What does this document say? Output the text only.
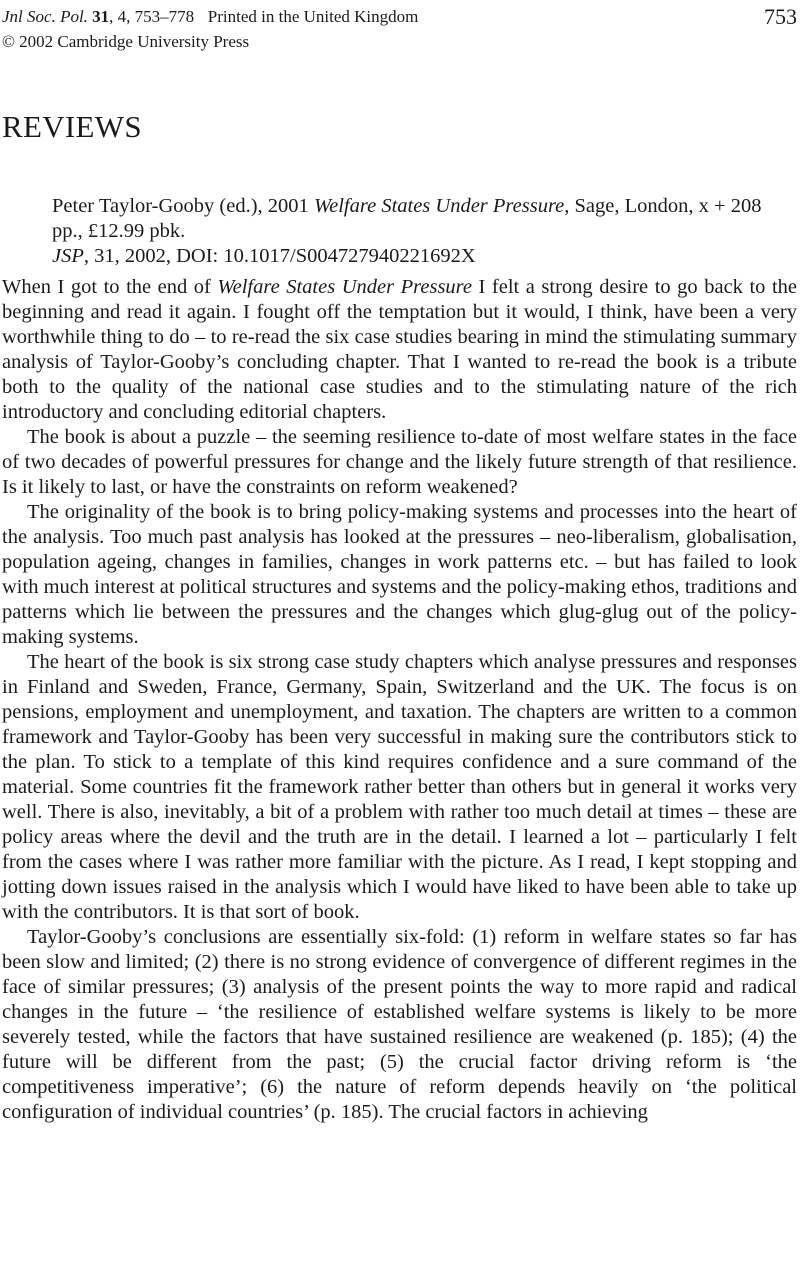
Jnl Soc. Pol. 31, 4, 753–778 Printed in the United Kingdom
© 2002 Cambridge University Press
753
REVIEWS

Peter Taylor-Gooby (ed.), 2001 Welfare States Under Pressure, Sage, London, x + 208 pp., £12.99 pbk.

JSP, 31, 2002, DOI: 10.1017/S004727940221692X

When I got to the end of Welfare States Under Pressure I felt a strong desire to go back to the beginning and read it again. I fought off the temptation but it would, I think, have been a very worthwhile thing to do – to re-read the six case studies bearing in mind the stimulating summary analysis of Taylor-Gooby’s concluding chapter. That I wanted to re-read the book is a tribute both to the quality of the national case studies and to the stimulating nature of the rich introductory and concluding editorial chapters.

The book is about a puzzle – the seeming resilience to-date of most welfare states in the face of two decades of powerful pressures for change and the likely future strength of that resilience. Is it likely to last, or have the constraints on reform weakened?

The originality of the book is to bring policy-making systems and processes into the heart of the analysis. Too much past analysis has looked at the pressures – neo-liberalism, globalisation, population ageing, changes in families, changes in work patterns etc. – but has failed to look with much interest at political structures and systems and the policy-making ethos, traditions and patterns which lie between the pressures and the changes which glug-glug out of the policy-making systems.

The heart of the book is six strong case study chapters which analyse pressures and responses in Finland and Sweden, France, Germany, Spain, Switzerland and the UK. The focus is on pensions, employment and unemployment, and taxation. The chapters are written to a common framework and Taylor-Gooby has been very successful in making sure the contributors stick to the plan. To stick to a template of this kind requires confidence and a sure command of the material. Some countries fit the framework rather better than others but in general it works very well. There is also, inevitably, a bit of a problem with rather too much detail at times – these are policy areas where the devil and the truth are in the detail. I learned a lot – particularly I felt from the cases where I was rather more familiar with the picture. As I read, I kept stopping and jotting down issues raised in the analysis which I would have liked to have been able to take up with the contributors. It is that sort of book.

Taylor-Gooby’s conclusions are essentially six-fold: (1) reform in welfare states so far has been slow and limited; (2) there is no strong evidence of convergence of different regimes in the face of similar pressures; (3) analysis of the present points the way to more rapid and radical changes in the future – ‘the resilience of established welfare systems is likely to be more severely tested, while the factors that have sustained resilience are weakened (p. 185); (4) the future will be different from the past; (5) the crucial factor driving reform is ‘the competitiveness imperative’; (6) the nature of reform depends heavily on ‘the political configuration of individual countries’ (p. 185). The crucial factors in achieving
